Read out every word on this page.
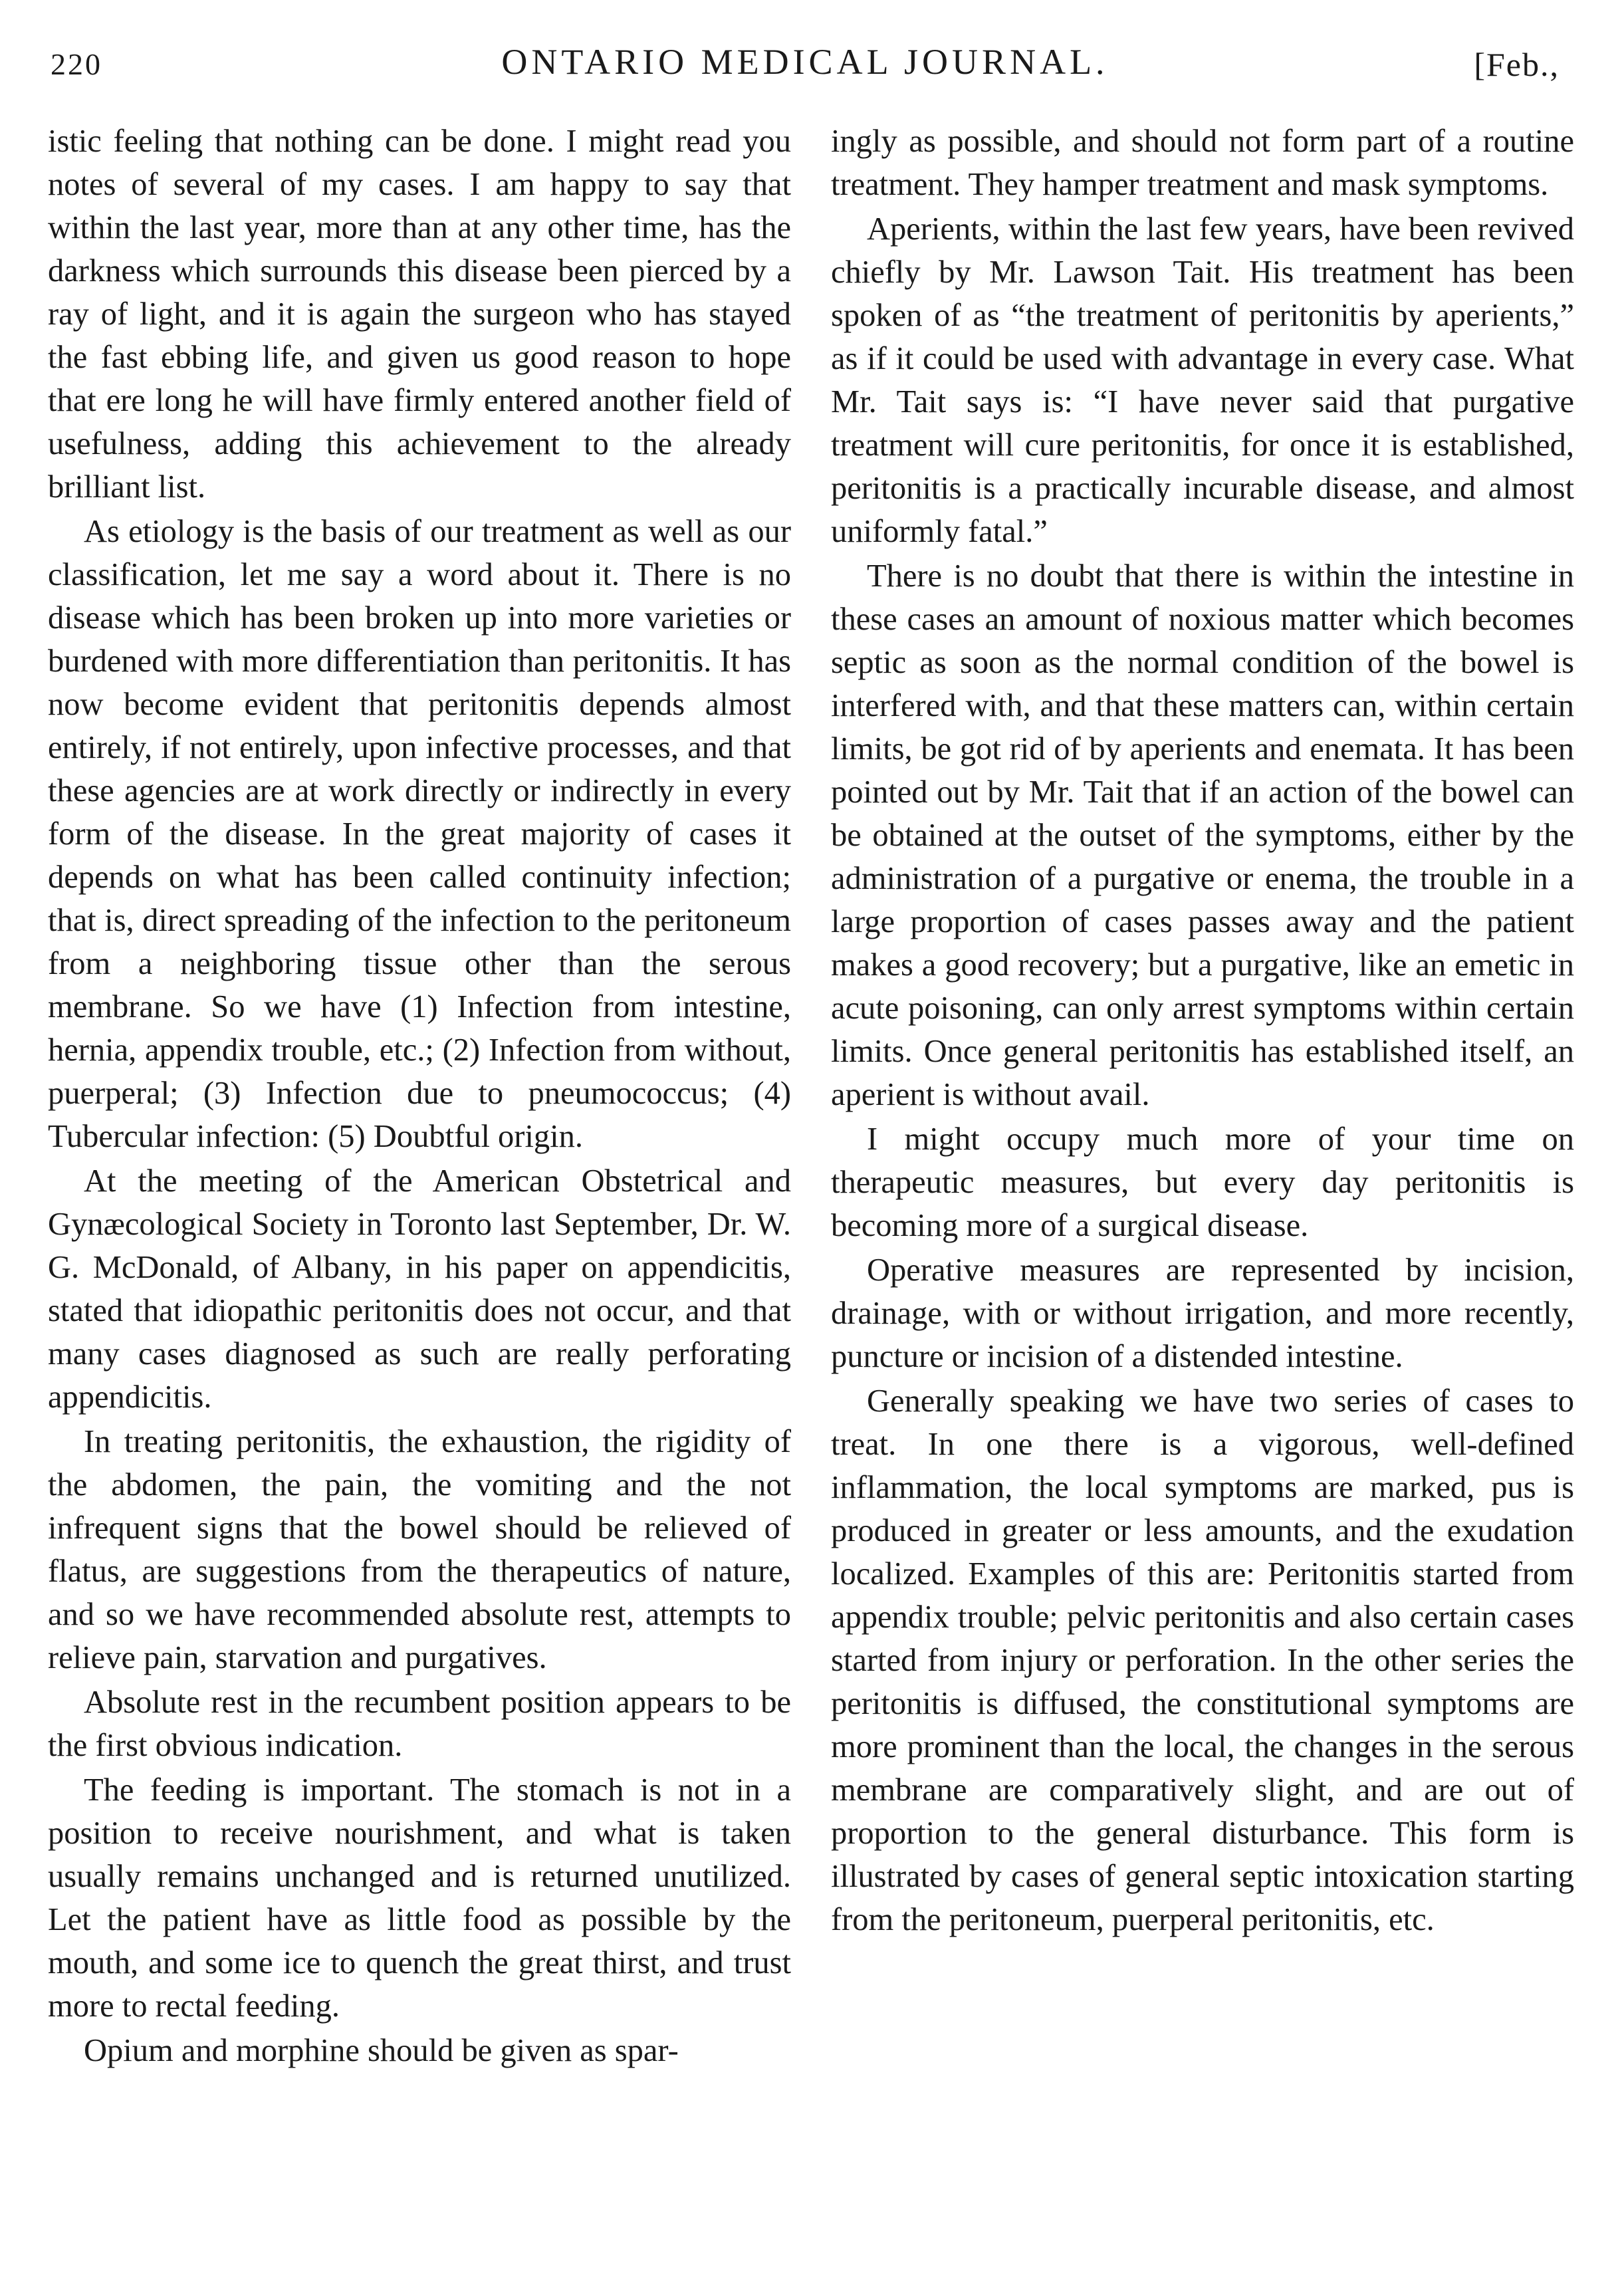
220	ONTARIO MEDICAL JOURNAL.	[Feb.,

istic feeling that nothing can be done. I might read you notes of several of my cases. I am happy to say that within the last year, more than at any other time, has the darkness which surrounds this disease been pierced by a ray of light, and it is again the surgeon who has stayed the fast ebbing life, and given us good reason to hope that ere long he will have firmly entered another field of usefulness, adding this achievement to the already brilliant list.

As etiology is the basis of our treatment as well as our classification, let me say a word about it. There is no disease which has been broken up into more varieties or burdened with more differentiation than peritonitis. It has now become evident that peritonitis depends almost entirely, if not entirely, upon infective processes, and that these agencies are at work directly or indirectly in every form of the disease. In the great majority of cases it depends on what has been called continuity infection; that is, direct spreading of the infection to the peritoneum from a neighboring tissue other than the serous membrane. So we have (1) Infection from intestine, hernia, appendix trouble, etc.; (2) Infection from without, puerperal; (3) Infection due to pneumococcus; (4) Tubercular infection: (5) Doubtful origin.

At the meeting of the American Obstetrical and Gynæcological Society in Toronto last September, Dr. W. G. McDonald, of Albany, in his paper on appendicitis, stated that idiopathic peritonitis does not occur, and that many cases diagnosed as such are really perforating appendicitis.

In treating peritonitis, the exhaustion, the rigidity of the abdomen, the pain, the vomiting and the not infrequent signs that the bowel should be relieved of flatus, are suggestions from the therapeutics of nature, and so we have recommended absolute rest, attempts to relieve pain, starvation and purgatives.

Absolute rest in the recumbent position appears to be the first obvious indication.

The feeding is important. The stomach is not in a position to receive nourishment, and what is taken usually remains unchanged and is returned unutilized. Let the patient have as little food as possible by the mouth, and some ice to quench the great thirst, and trust more to rectal feeding.

Opium and morphine should be given as spar-

ingly as possible, and should not form part of a routine treatment. They hamper treatment and mask symptoms.

Aperients, within the last few years, have been revived chiefly by Mr. Lawson Tait. His treatment has been spoken of as “the treatment of peritonitis by aperients,” as if it could be used with advantage in every case. What Mr. Tait says is: “I have never said that purgative treatment will cure peritonitis, for once it is established, peritonitis is a practically incurable disease, and almost uniformly fatal.”

There is no doubt that there is within the intestine in these cases an amount of noxious matter which becomes septic as soon as the normal condition of the bowel is interfered with, and that these matters can, within certain limits, be got rid of by aperients and enemata. It has been pointed out by Mr. Tait that if an action of the bowel can be obtained at the outset of the symptoms, either by the administration of a purgative or enema, the trouble in a large proportion of cases passes away and the patient makes a good recovery; but a purgative, like an emetic in acute poisoning, can only arrest symptoms within certain limits. Once general peritonitis has established itself, an aperient is without avail.

I might occupy much more of your time on therapeutic measures, but every day peritonitis is becoming more of a surgical disease.

Operative measures are represented by incision, drainage, with or without irrigation, and more recently, puncture or incision of a distended intestine.

Generally speaking we have two series of cases to treat. In one there is a vigorous, well-defined inflammation, the local symptoms are marked, pus is produced in greater or less amounts, and the exudation localized. Examples of this are: Peritonitis started from appendix trouble; pelvic peritonitis and also certain cases started from injury or perforation. In the other series the peritonitis is diffused, the constitutional symptoms are more prominent than the local, the changes in the serous membrane are comparatively slight, and are out of proportion to the general disturbance. This form is illustrated by cases of general septic intoxication starting from the peritoneum, puerperal peritonitis, etc.
